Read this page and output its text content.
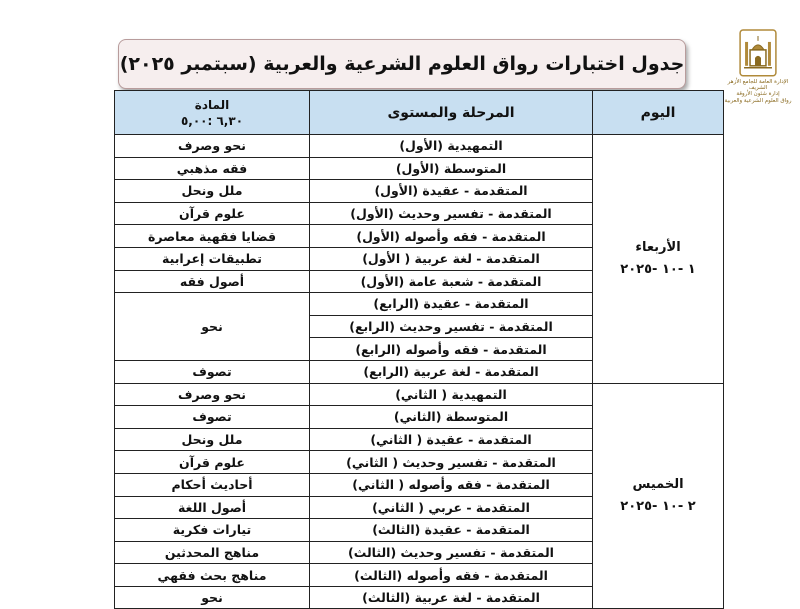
جدول اختبارات رواق العلوم الشرعية والعربية (سبتمبر ٢٠٢٥)
الإدارة العامة للجامع الأزهر الشريف
إدارة شئون الأروقة
رواق العلوم الشرعية والعربية
اليوم	المرحلة والمستوى	المادة
٦,٣٠ :٥,٠٠

الأربعاء
١ -١٠ -٢٠٢٥	التمهيدية (الأول)	نحو وصرف
	المتوسطة (الأول)	فقه مذهبي
	المتقدمة - عقيدة (الأول)	ملل ونحل
	المتقدمة - تفسير وحديث (الأول)	علوم قرآن
	المتقدمة - فقه وأصوله (الأول)	قضايا فقهية معاصرة
	المتقدمة - لغة عربية ( الأول)	تطبيقات إعرابية
	المتقدمة - شعبة عامة (الأول)	أصول فقه
	المتقدمة - عقيدة (الرابع)	نحو
	المتقدمة - تفسير وحديث (الرابع)	
	المتقدمة - فقه وأصوله (الرابع)	
	المتقدمة - لغة عربية (الرابع)	تصوف

الخميس
٢ -١٠ -٢٠٢٥	التمهيدية ( الثاني)	نحو وصرف
	المتوسطة (الثاني)	تصوف
	المتقدمة - عقيدة ( الثاني)	ملل ونحل
	المتقدمة - تفسير وحديث ( الثاني)	علوم قرآن
	المتقدمة - فقه وأصوله ( الثاني)	أحاديث أحكام
	المتقدمة - عربي ( الثاني)	أصول اللغة
	المتقدمة - عقيدة (الثالث)	تيارات فكرية
	المتقدمة - تفسير وحديث (الثالث)	مناهج المحدثين
	المتقدمة - فقه وأصوله (الثالث)	مناهج بحث فقهي
	المتقدمة - لغة عربية (الثالث)	نحو
